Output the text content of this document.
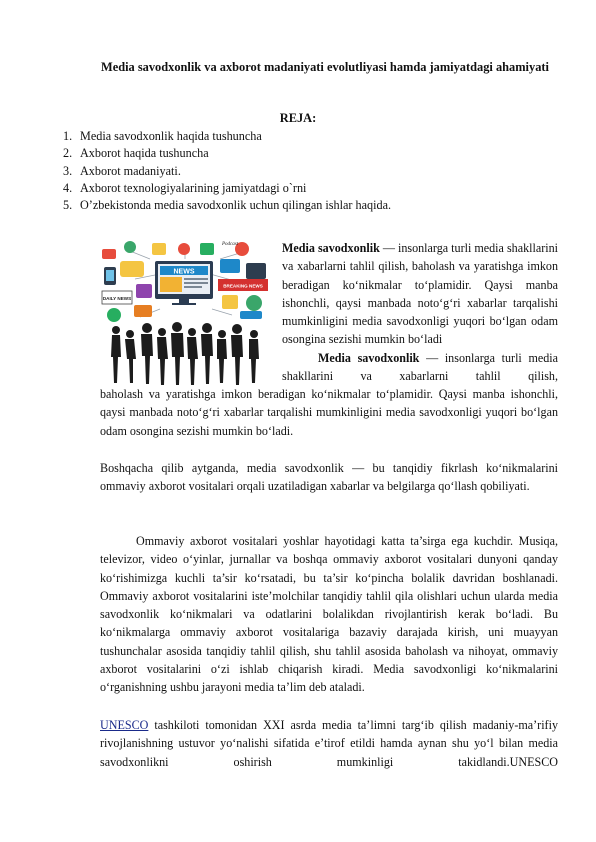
Media savodxonlik va axborot madaniyati evolutliyasi hamda jamiyatdagi ahamiyati
REJA:
1. Media savodxonlik haqida tushuncha
2. Axborot haqida tushuncha
3. Axborot madaniyati.
4. Axborot texnologiyalarining jamiyatdagi o`rni
5. O’zbekistonda media savodxonlik uchun qilingan ishlar haqida.
NEWS
DAILY NEWS
Podcast
BREAKING NEWS
Media savodxonlik — insonlarga turli media shakllarini va xabarlarni tahlil qilish, baholash va yaratishga imkon beradigan ko‘nikmalar to‘plamidir. Qaysi manba ishonchli, qaysi manbada noto‘g‘ri xabarlar tarqalishi mumkinligini media savodxonligi yuqori bo‘lgan odam osongina sezishi mumkin bo‘ladi
Media savodxonlik — insonlarga turli media shakllarini va xabarlarni tahlil qilish,
baholash va yaratishga imkon beradigan ko‘nikmalar to‘plamidir. Qaysi manba ishonchli, qaysi manbada noto‘g‘ri xabarlar tarqalishi mumkinligini media savodxonligi yuqori bo‘lgan odam osongina sezishi mumkin bo‘ladi.
Boshqacha qilib aytganda, media savodxonlik — bu tanqidiy fikrlash ko‘nikmalarini ommaviy axborot vositalari orqali uzatiladigan xabarlar va belgilarga qo‘llash qobiliyati.
Ommaviy axborot vositalari yoshlar hayotidagi katta ta’sirga ega kuchdir. Musiqa, televizor, video o‘yinlar, jurnallar va boshqa ommaviy axborot vositalari dunyoni qanday ko‘rishimizga kuchli ta’sir ko‘rsatadi, bu ta’sir ko‘pincha bolalik davridan boshlanadi. Ommaviy axborot vositalarini iste’molchilar tanqidiy tahlil qila olishlari uchun ularda media savodxonlik ko‘nikmalari va odatlarini bolalikdan rivojlantirish kerak bo‘ladi. Bu ko‘nikmalarga ommaviy axborot vositalariga bazaviy darajada kirish, uni muayyan tushunchalar asosida tanqidiy tahlil qilish, shu tahlil asosida baholash va nihoyat, ommaviy axborot vositalarini o‘zi ishlab chiqarish kiradi. Media savodxonligi ko‘nikmalarini o‘rganishning ushbu jarayoni media ta’lim deb ataladi.
UNESCO tashkiloti tomonidan XXI asrda media ta’limni targ‘ib qilish madaniy-ma’rifiy rivojlanishning ustuvor yo‘nalishi sifatida e’tirof etildi hamda aynan shu yo‘l bilan media savodxonlikni oshirish mumkinligi takidlandi.UNESCO
